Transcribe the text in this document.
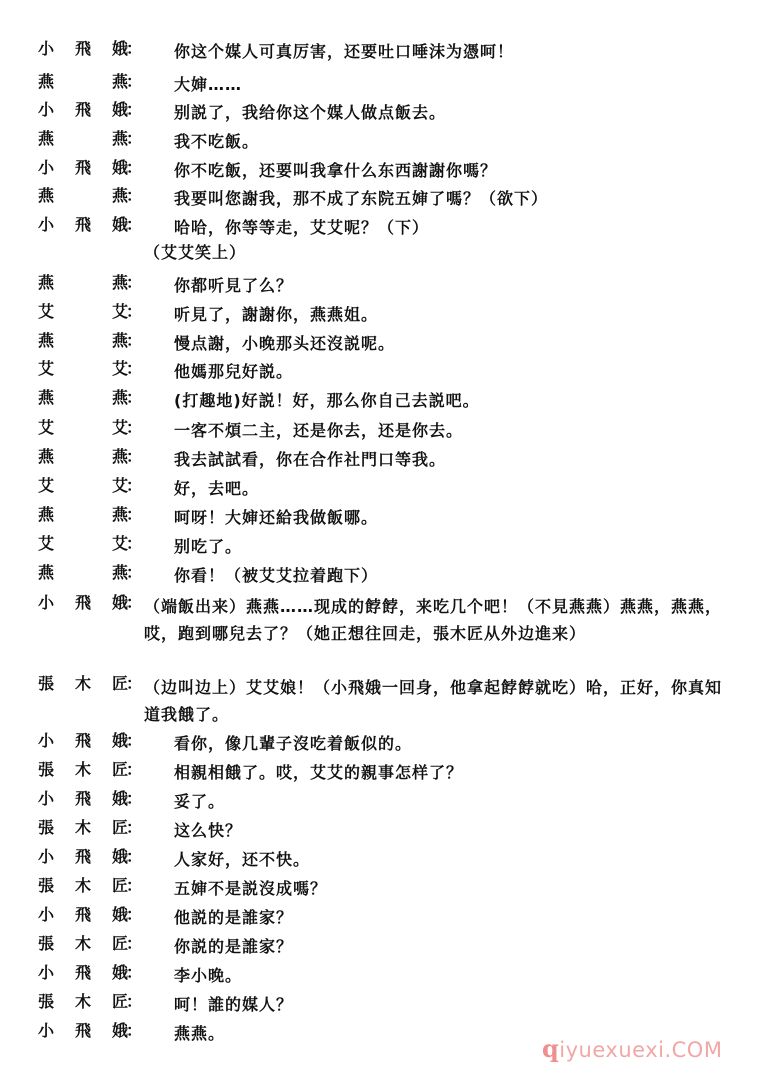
小 飛 娥
： 你这个媒人可真厉害，还要吐口唾沫为憑呵！
燕	燕
： 大婶……
小 飛 娥
： 别説了，我给你这个媒人做点飯去。
燕	燕
： 我不吃飯。
小 飛 娥
： 你不吃飯，还要叫我拿什么东西謝謝你嗎？
燕	燕
： 我要叫您謝我，那不成了东院五婶了嗎？（欲下）
小 飛 娥
： 哈哈，你等等走，艾艾呢？（下）
（艾艾笑上）
燕	燕
： 你都听見了么？
艾	艾
： 听見了，謝謝你，燕燕姐。
燕	燕
： 慢点謝，小晚那头还沒説呢。
艾	艾
： 他媽那兒好説。
燕	燕
： (打趣地)好説！好，那么你自己去説吧。
艾	艾
： 一客不煩二主，还是你去，还是你去。
燕	燕
： 我去試試看，你在合作社門口等我。
艾	艾
： 好，去吧。
燕	燕
： 呵呀！大婶还給我做飯哪。
艾	艾
： 别吃了。
燕	燕
： 你看！（被艾艾拉着跑下）
小 飛 娥
： （端飯出来）燕燕……现成的餑餑，来吃几个吧！（不見燕燕）燕燕，燕燕，哎，跑到哪兒去了？（她正想往回走，張木匠从外边進来）
張 木 匠
： （边叫边上）艾艾娘！（小飛娥一回身，他拿起餑餑就吃）哈，正好，你真知道我餓了。
小 飛 娥
： 看你，像几輩子沒吃着飯似的。
張 木 匠
： 相親相餓了。哎，艾艾的親事怎样了？
小 飛 娥
： 妥了。
張 木 匠
： 这么快？
小 飛 娥
： 人家好，还不快。
張 木 匠
： 五婶不是説沒成嗎？
小 飛 娥
： 他説的是誰家？
張 木 匠
： 你説的是誰家？
小 飛 娥
： 李小晚。
張 木 匠
： 呵！誰的媒人？
小 飛 娥
： 燕燕。
qiyuexuexi.COM
